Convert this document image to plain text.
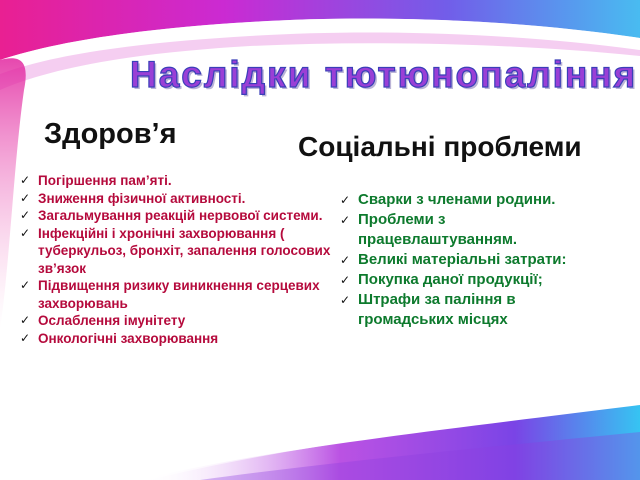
Наслідки тютюнопаління
Здоров’я	Соціальні проблеми
✓ Погіршення пам’яті.
✓ Зниження фізичної активності.
✓ Загальмування реакцій нервової системи.
✓ Інфекційні і хронічні захворювання ( туберкульоз, бронхіт, запалення голосових зв’язок
✓ Підвищення ризику виникнення серцевих захворювань
✓ Ослаблення імунітету
✓ Онкологічні захворювання
✓ Сварки з членами родини.
✓ Проблеми з працевлаштуванням.
✓ Великі матеріальні затрати:
✓ Покупка даної продукції;
✓ Штрафи за паління в громадських місцях
